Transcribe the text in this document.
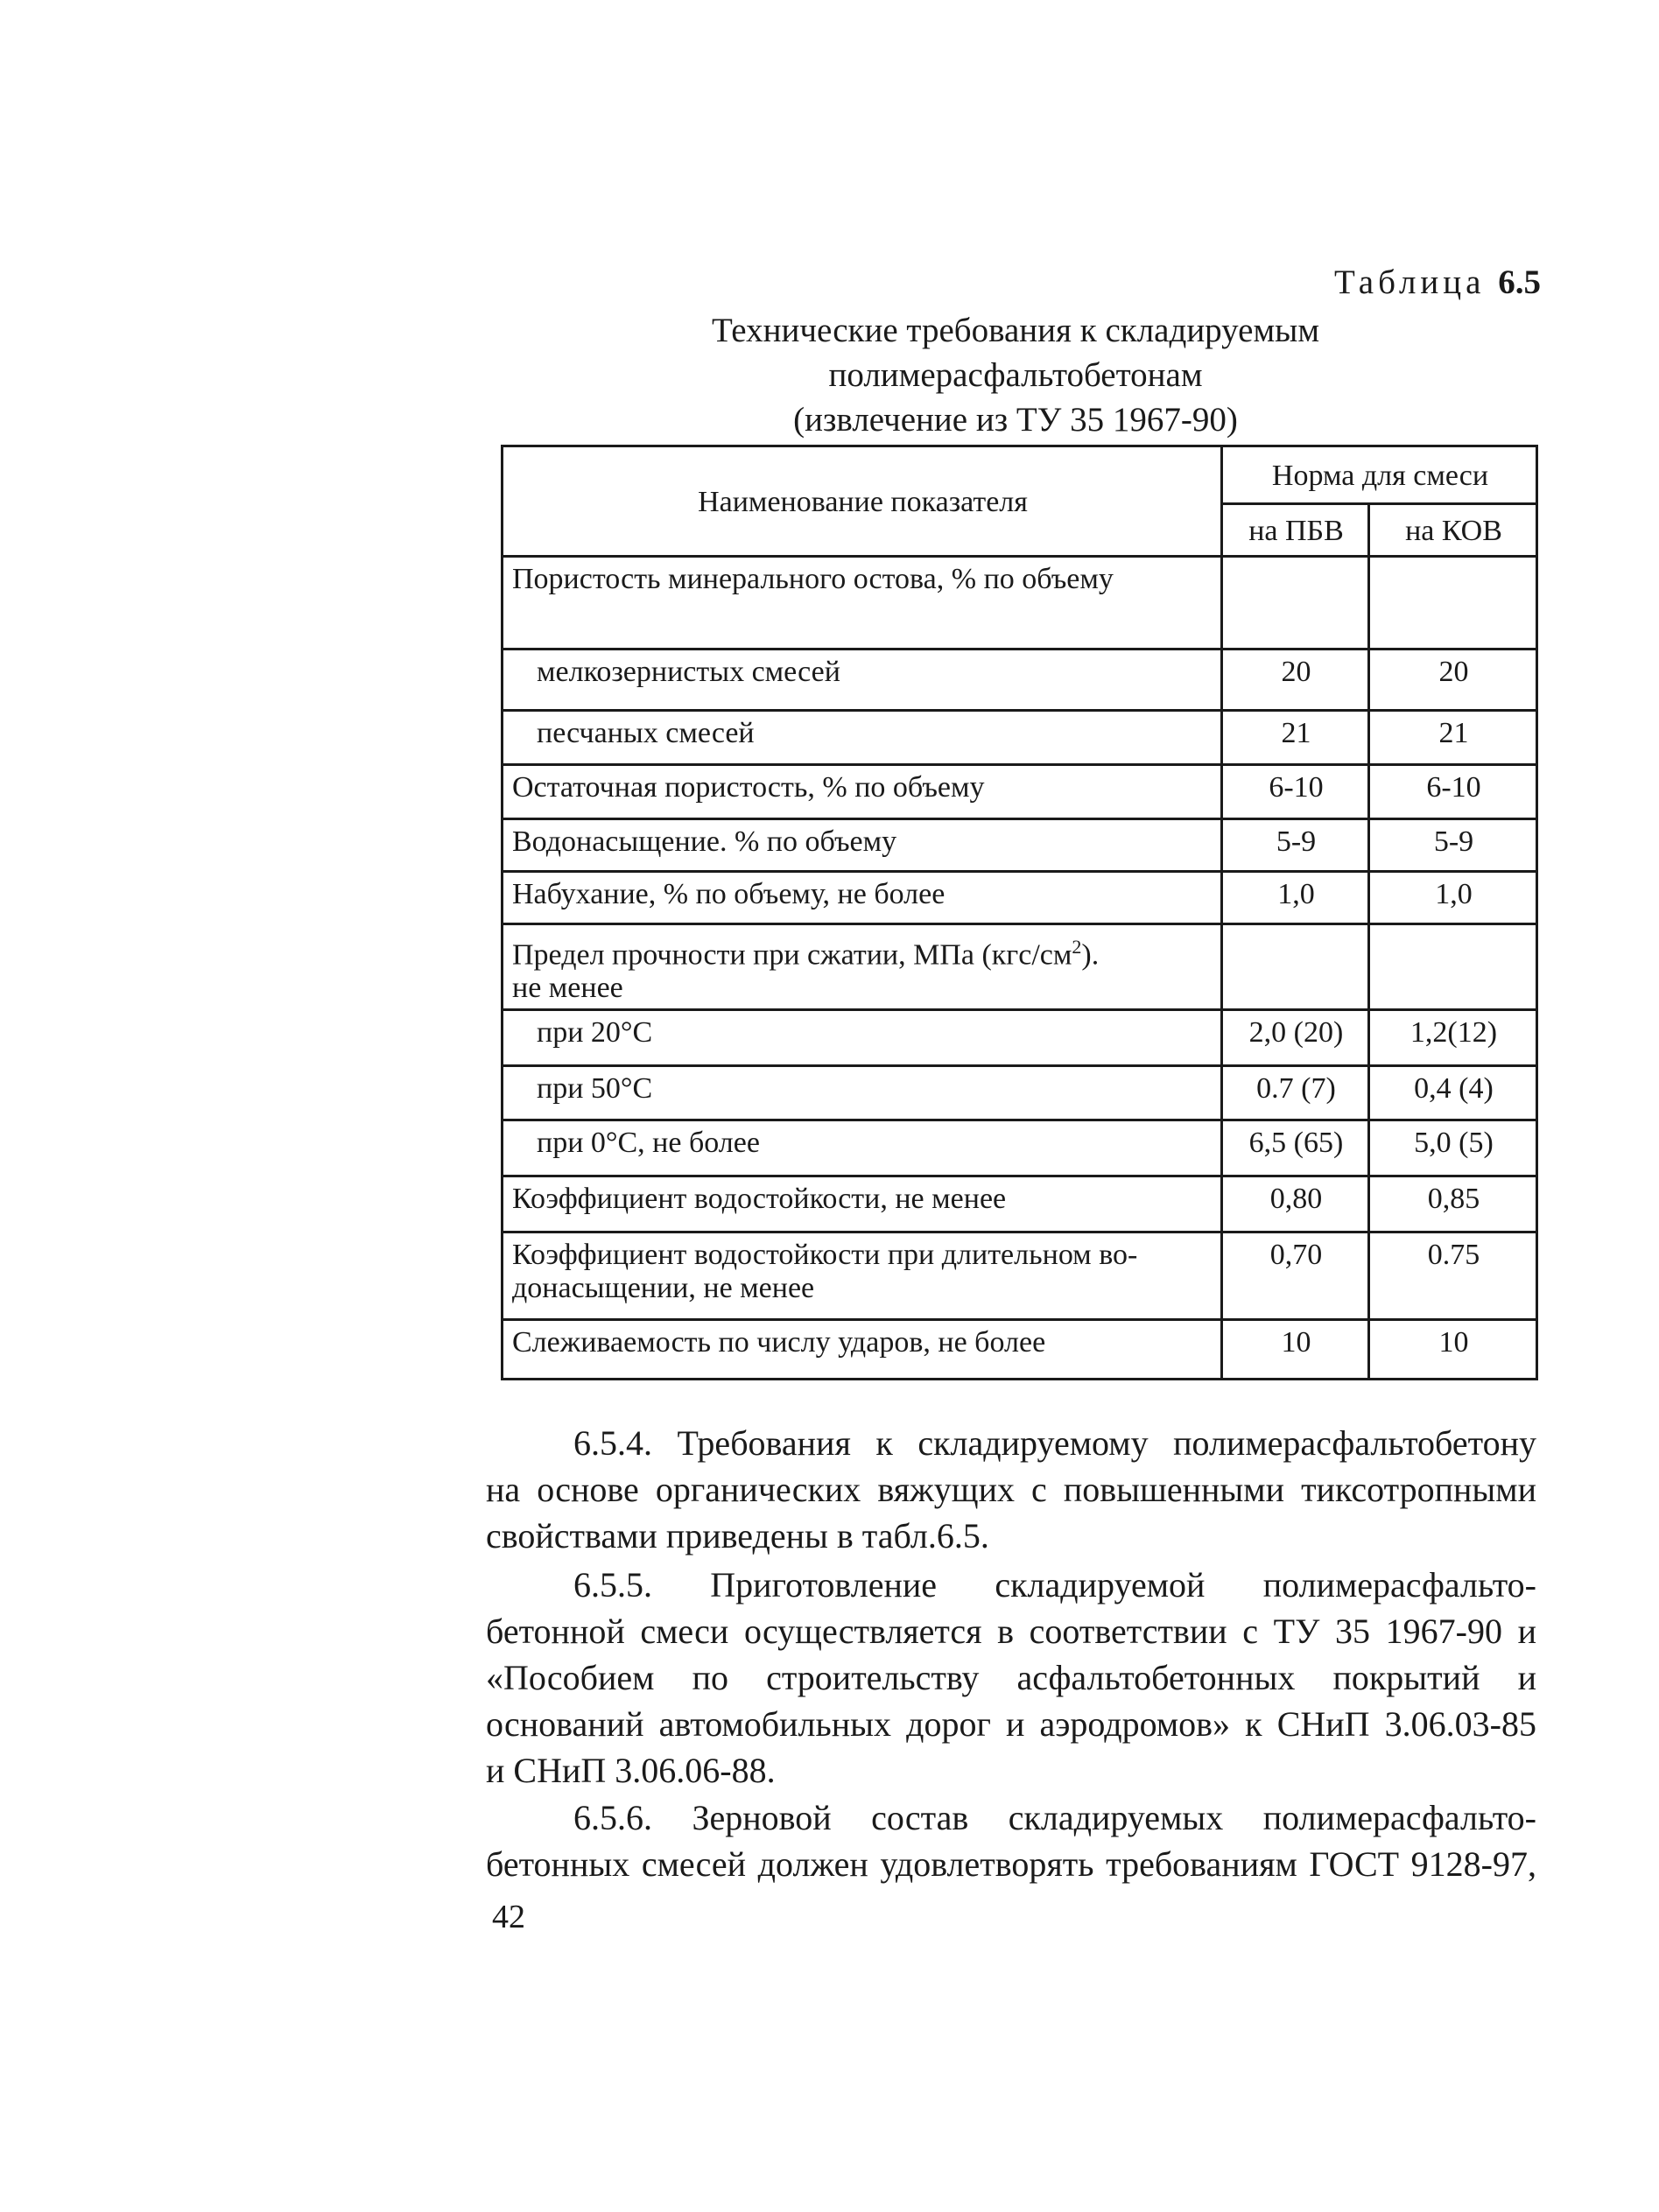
Таблица 6.5
Технические требования к складируемым
полимерасфальтобетонам
(извлечение из ТУ 35 1967-90)
Наименование показателя	Норма для смеси	
	на ПБВ	на КОВ
Пористость минерального остова, % по объему		
мелкозернистых смесей	20	20
песчаных смесей	21	21
Остаточная пористость, % по объему	6-10	6-10
Водонасыщение. % по объему	5-9	5-9
Набухание, % по объему, не более	1,0	1,0
Предел прочности при сжатии, МПа $(кгс/см^2)$.
не менее		
при 20°С	2,0 (20)	1,2(12)
при 50°С	0.7 (7)	0,4 (4)
при 0°С, не более	6,5 (65)	5,0 (5)
Коэффициент водостойкости, не менее	0,80	0,85
Коэффициент водостойкости при длительном во-
донасыщении, не менее	0,70	0.75
Слеживаемость по числу ударов, не более	10	10
6.5.4. Требования к складируемому полимерасфальтобетону
на основе органических вяжущих с повышенными тиксотропными
свойствами приведены в табл.6.5.
6.5.5. Приготовление складируемой полимерасфальто-
бетонной смеси осуществляется в соответствии с ТУ 35 1967-90 и
«Пособием по строительству асфальтобетонных покрытий и
оснований автомобильных дорог и аэродромов» к СНиП 3.06.03-85
и СНиП 3.06.06-88.
6.5.6. Зерновой состав складируемых полимерасфальто-
бетонных смесей должен удовлетворять требованиям ГОСТ 9128-97,
42
